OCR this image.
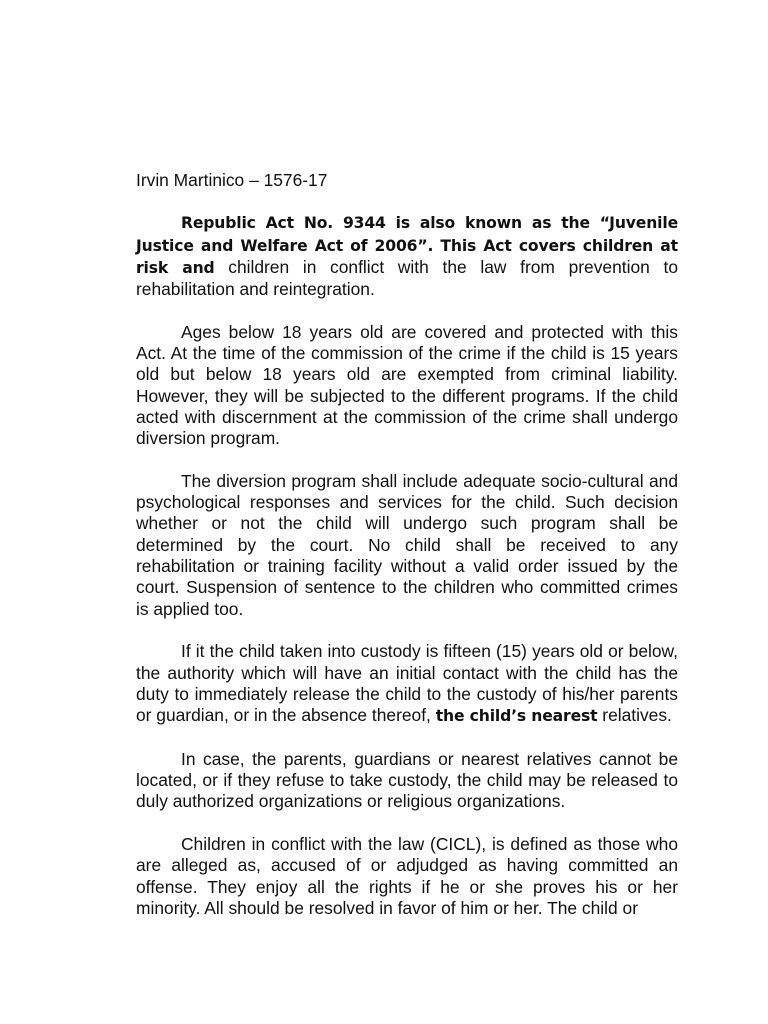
Irvin Martinico – 1576-17

Republic Act No. 9344 is also known as the “Juvenile Justice and Welfare Act of 2006”. This Act covers children at risk and children in conflict with the law from prevention to rehabilitation and reintegration.

Ages below 18 years old are covered and protected with this Act. At the time of the commission of the crime if the child is 15 years old but below 18 years old are exempted from criminal liability. However, they will be subjected to the different programs. If the child acted with discernment at the commission of the crime shall undergo diversion program.

The diversion program shall include adequate socio-cultural and psychological responses and services for the child. Such decision whether or not the child will undergo such program shall be determined by the court. No child shall be received to any rehabilitation or training facility without a valid order issued by the court. Suspension of sentence to the children who committed crimes is applied too.

If it the child taken into custody is fifteen (15) years old or below, the authority which will have an initial contact with the child has the duty to immediately release the child to the custody of his/her parents or guardian, or in the absence thereof, the child’s nearest relatives.

In case, the parents, guardians or nearest relatives cannot be located, or if they refuse to take custody, the child may be released to duly authorized organizations or religious organizations.

Children in conflict with the law (CICL), is defined as those who are alleged as, accused of or adjudged as having committed an offense. They enjoy all the rights if he or she proves his or her minority. All should be resolved in favor of him or her. The child or
